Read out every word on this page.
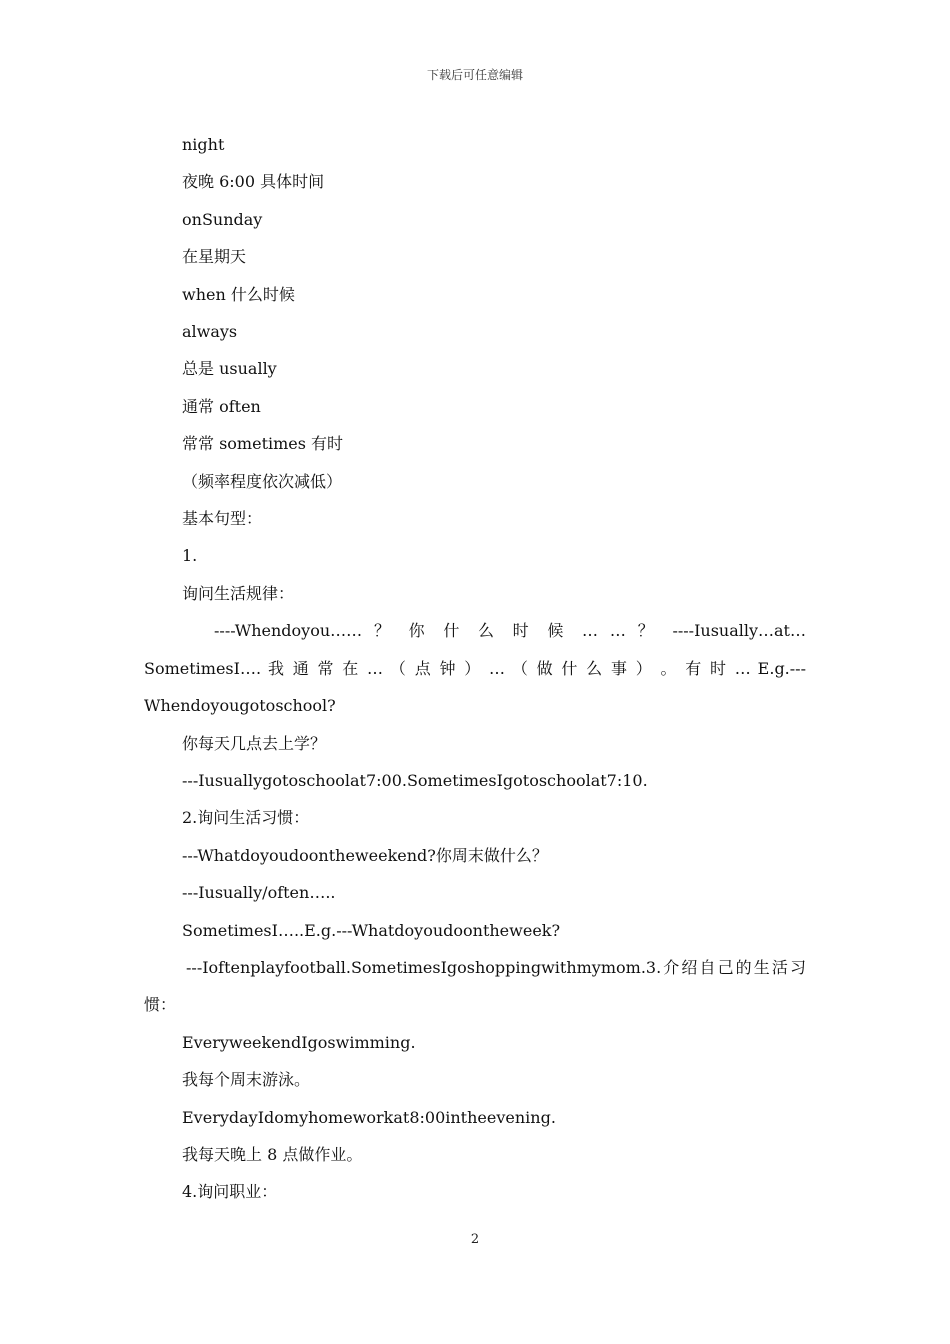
下载后可任意编辑

night

夜晚 6:00 具体时间

onSunday

在星期天

when 什么时候

always

总是 usually

通常 often

常常 sometimes 有时

（频率程度依次减低）

基本句型：

1.

询问生活规律：

----Whendoyou…… ？ 你 什 么 时 候 … … ？ ----Iusually…at… SometimesI…. 我 通 常 在 … （ 点 钟 ） … （ 做 什 么 事 ） 。 有 时 … E.g.---Whendoyougotoschool?

你每天几点去上学？

---Iusuallygotoschoolat7:00.SometimesIgotoschoolat7:10.

2.询问生活习惯：

---Whatdoyoudoontheweekend?你周末做什么？

---Iusually/often…..

SometimesI…..E.g.---Whatdoyoudoontheweek?

---Ioftenplayfootball.SometimesIgoshoppingwithmymom.3.介绍自己的生活习惯：

EveryweekendIgoswimming.

我每个周末游泳。

EverydayIdomyhomeworkat8:00intheevening.

我每天晚上 8 点做作业。

4.询问职业：

2
